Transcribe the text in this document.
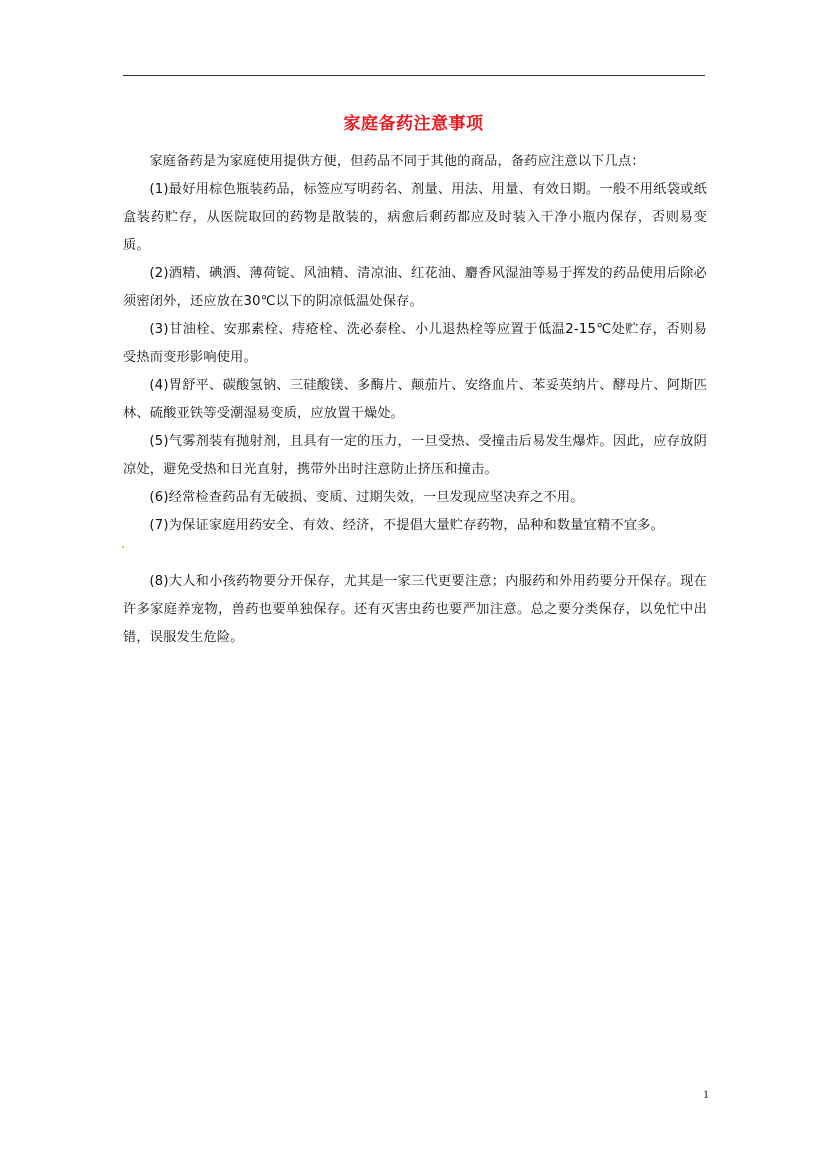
家庭备药注意事项

家庭备药是为家庭使用提供方便，但药品不同于其他的商品，备药应注意以下几点：

(1)最好用棕色瓶装药品，标签应写明药名、剂量、用法、用量、有效日期。一般不用纸袋或纸盒装药贮存，从医院取回的药物是散装的，病愈后剩药都应及时装入干净小瓶内保存，否则易变质。

(2)酒精、碘酒、薄荷锭、风油精、清凉油、红花油、麝香风湿油等易于挥发的药品使用后除必须密闭外，还应放在30℃以下的阴凉低温处保存。

(3)甘油栓、安那素栓、痔疮栓、洗必泰栓、小儿退热栓等应置于低温2-15℃处贮存，否则易受热而变形影响使用。

(4)胃舒平、碳酸氢钠、三硅酸镁、多酶片、颠茄片、安络血片、苯妥英纳片、酵母片、阿斯匹林、硫酸亚铁等受潮湿易变质，应放置干燥处。

(5)气雾剂装有抛射剂，且具有一定的压力，一旦受热、受撞击后易发生爆炸。因此，应存放阴凉处，避免受热和日光直射，携带外出时注意防止挤压和撞击。

(6)经常检查药品有无破损、变质、过期失效，一旦发现应坚决弃之不用。

(7)为保证家庭用药安全、有效、经济，不提倡大量贮存药物，品种和数量宜精不宜多。

(8)大人和小孩药物要分开保存，尤其是一家三代更要注意；内服药和外用药要分开保存。现在许多家庭养宠物，兽药也要单独保存。还有灭害虫药也要严加注意。总之要分类保存，以免忙中出错，误服发生危险。

1
